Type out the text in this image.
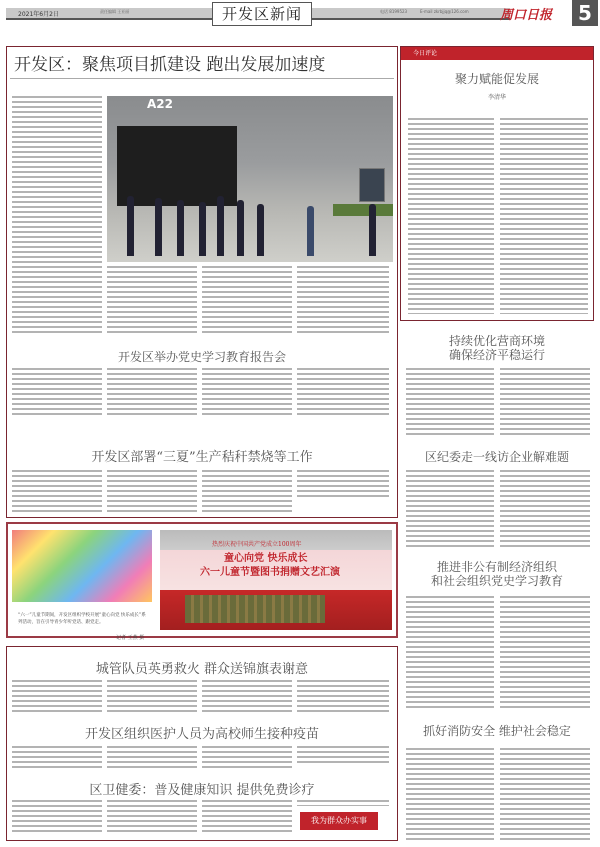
2021年6月2日	责任编辑 王亚丽	电话 8199523	E-mail zkrbjjq@126.com
开发区新闻	周口日报	5
开发区：聚焦项目抓建设 跑出发展加速度
A22
开发区举办党史学习教育报告会
开发区部署“三夏”生产秸秆禁烧等工作
热烈庆祝中国共产党成立100周年
童心向党 快乐成长
六一儿童节暨图书捐赠文艺汇演
“六一”儿童节期间，开发区组织学校开展“童心向党 快乐成长”系列活动，旨在引导青少年听党话、跟党走。
记者 王燕 摄
城管队员英勇救火 群众送锦旗表谢意
开发区组织医护人员为高校师生接种疫苗
区卫健委：普及健康知识 提供免费诊疗
我为群众办实事
今日评论
聚力赋能促发展
李清华
持续优化营商环境
确保经济平稳运行
区纪委走一线访企业解难题
推进非公有制经济组织
和社会组织党史学习教育
抓好消防安全 维护社会稳定
